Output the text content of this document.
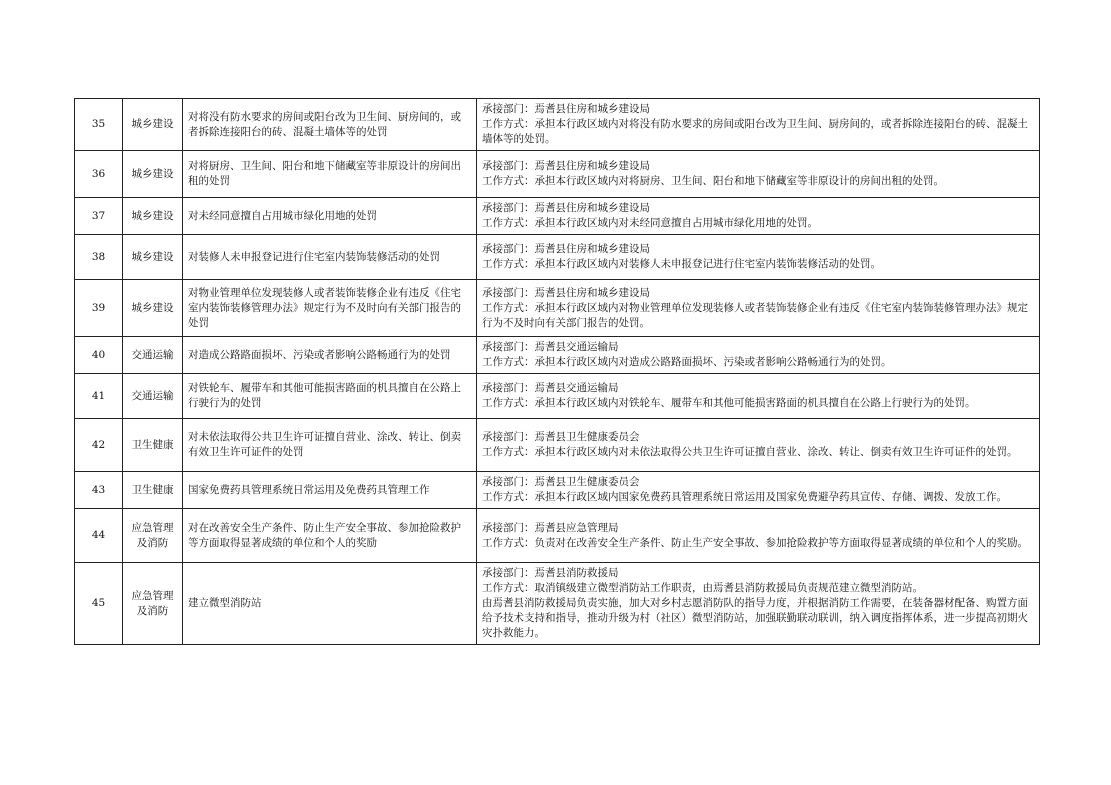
35	城乡建设	对将没有防水要求的房间或阳台改为卫生间、厨房间的，或者拆除连接阳台的砖、混凝土墙体等的处罚	承接部门：焉耆县住房和城乡建设局
工作方式：承担本行政区域内对将没有防水要求的房间或阳台改为卫生间、厨房间的，或者拆除连接阳台的砖、混凝土墙体等的处罚。

36	城乡建设	对将厨房、卫生间、阳台和地下储藏室等非原设计的房间出租的处罚	承接部门：焉耆县住房和城乡建设局
工作方式：承担本行政区域内对将厨房、卫生间、阳台和地下储藏室等非原设计的房间出租的处罚。

37	城乡建设	对未经同意擅自占用城市绿化用地的处罚	承接部门：焉耆县住房和城乡建设局
工作方式：承担本行政区域内对未经同意擅自占用城市绿化用地的处罚。

38	城乡建设	对装修人未申报登记进行住宅室内装饰装修活动的处罚	承接部门：焉耆县住房和城乡建设局
工作方式：承担本行政区域内对装修人未申报登记进行住宅室内装饰装修活动的处罚。

39	城乡建设	对物业管理单位发现装修人或者装饰装修企业有违反《住宅室内装饰装修管理办法》规定行为不及时向有关部门报告的处罚	承接部门：焉耆县住房和城乡建设局
工作方式：承担本行政区域内对物业管理单位发现装修人或者装饰装修企业有违反《住宅室内装饰装修管理办法》规定行为不及时向有关部门报告的处罚。

40	交通运输	对造成公路路面损坏、污染或者影响公路畅通行为的处罚	承接部门：焉耆县交通运输局
工作方式：承担本行政区域内对造成公路路面损坏、污染或者影响公路畅通行为的处罚。

41	交通运输	对铁轮车、履带车和其他可能损害路面的机具擅自在公路上行驶行为的处罚	承接部门：焉耆县交通运输局
工作方式：承担本行政区域内对铁轮车、履带车和其他可能损害路面的机具擅自在公路上行驶行为的处罚。

42	卫生健康	对未依法取得公共卫生许可证擅自营业、涂改、转让、倒卖有效卫生许可证件的处罚	承接部门：焉耆县卫生健康委员会
工作方式：承担本行政区域内对未依法取得公共卫生许可证擅自营业、涂改、转让、倒卖有效卫生许可证件的处罚。

43	卫生健康	国家免费药具管理系统日常运用及免费药具管理工作	承接部门：焉耆县卫生健康委员会
工作方式：承担本行政区域内国家免费药具管理系统日常运用及国家免费避孕药具宣传、存储、调拨、发放工作。

44	应急管理及消防	对在改善安全生产条件、防止生产安全事故、参加抢险救护等方面取得显著成绩的单位和个人的奖励	承接部门：焉耆县应急管理局
工作方式：负责对在改善安全生产条件、防止生产安全事故、参加抢险救护等方面取得显著成绩的单位和个人的奖励。

45	应急管理及消防	建立微型消防站	承接部门：焉耆县消防救援局
工作方式：取消镇级建立微型消防站工作职责，由焉耆县消防救援局负责规范建立微型消防站。
由焉耆县消防救援局负责实施，加大对乡村志愿消防队的指导力度，并根据消防工作需要，在装备器材配备、购置方面给予技术支持和指导，推动升级为村（社区）微型消防站，加强联勤联动联训，纳入调度指挥体系，进一步提高初期火灾扑救能力。
